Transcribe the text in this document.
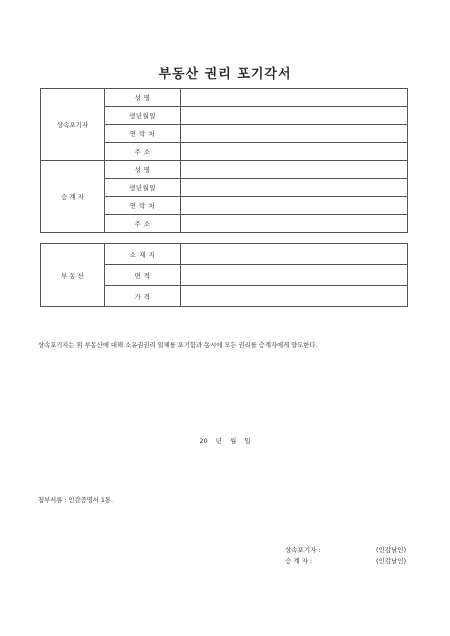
부동산 권리 포기각서
상속포기자	성 명	
	생년월일	
	연 락 처	
	주 소	
승 계 자	성 명	
	생년월일	
	연 락 처	
	주 소	
부 동 산	소 재 지	
	면 적	
	가 격	
상속포기자는 위 부동산에 대해 소유권권리 일체를 포기함과 동시에 모든 권리를 승계자에게 양도한다.
20 년 월 일
첨부서류 : 인감증명서 1통.
상속포기자 :	(인감날인)
승 계 자 :	(인감날인)
